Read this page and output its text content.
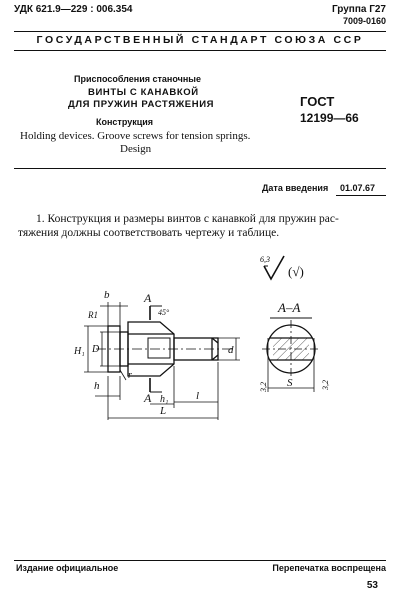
УДК 621.9—229 : 006.354	Группа Г27
7009-0160
ГОСУДАРСТВЕННЫЙ СТАНДАРТ СОЮЗА ССР
Приспособления станочные
ВИНТЫ С КАНАВКОЙ
ДЛЯ ПРУЖИН РАСТЯЖЕНИЯ
Конструкция
Holding devices. Groove screws for tension springs.
Design
ГОСТ
12199—66
Дата введения 01.07.67
1. Конструкция и размеры винтов с канавкой для пружин рас-
тяжения должны соответствовать чертежу и таблице.
6,3
(√)
А–А
b	А
45°
R1
H₁ D	d
r
h
А h₁	l
L
S
3,2	3,2
Издание официальное	Перепечатка воспрещена
53
